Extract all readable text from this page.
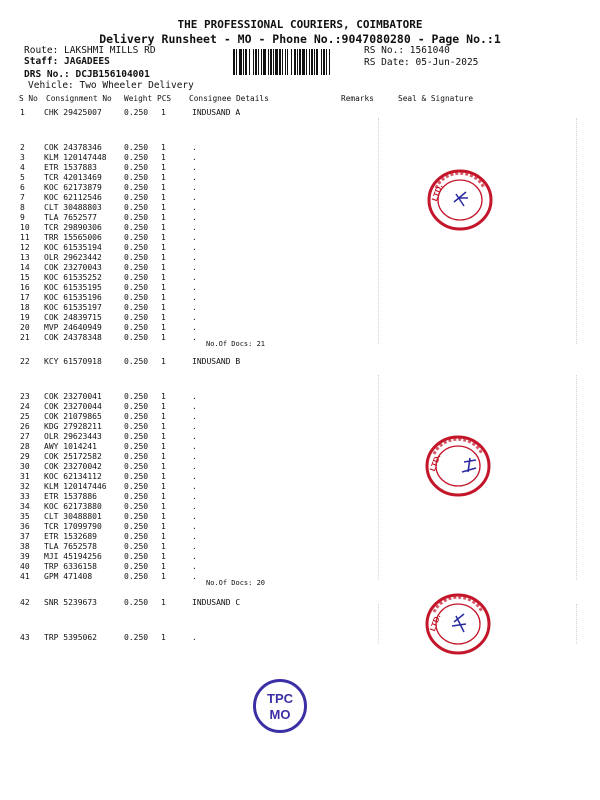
THE PROFESSIONAL COURIERS, COIMBATORE
Delivery Runsheet - MO - Phone No.:9047080280 - Page No.:1
Route: LAKSHMI MILLS RD
Staff: JAGADEES
DRS No.: DCJB156104001
Vehicle: Two Wheeler Delivery
RS No.: 1561040
RS Date: 05-Jun-2025
S No Consignment No Weight PCS Consignee Details	Remarks	Seal & Signature
1 CHK 29425007	0.250 1	INDUSAND A
2 COK 24378346	0.250 1	.
3 KLM 120147448 0.250 1	.
4 ETR 1537883	0.250 1	.
5 TCR 42013469	0.250 1	.
6 KOC 62173879	0.250 1	.
7 KOC 62112546	0.250 1	.
8 CLT 30488803	0.250 1	.
9 TLA 7652577	0.250 1	.
10 TCR 29890306	0.250 1	.
11 TRR 15565006	0.250 1	.
12 KOC 61535194	0.250 1	.
13 OLR 29623442	0.250 1	.
14 COK 23270043	0.250 1	.
15 KOC 61535252	0.250 1	.
16 KOC 61535195	0.250 1	.
17 KOC 61535196	0.250 1	.
18 KOC 61535197	0.250 1	.
19 COK 24839715	0.250 1	.
20 MVP 24640949	0.250 1	.
21 COK 24378348	0.250 1	.
No.Of Docs: 21
22 KCY 61570918	0.250 1	INDUSAND B
23 COK 23270041	0.250 1	.
24 COK 23270044	0.250 1	.
25 COK 21079865	0.250 1	.
26 KDG 27928211	0.250 1	.
27 OLR 29623443	0.250 1	.
28 AWY 1014241	0.250 1	.
29 COK 25172582	0.250 1	.
30 COK 23270042	0.250 1	.
31 KOC 62134112	0.250 1	.
32 KLM 120147446 0.250 1	.
33 ETR 1537886	0.250 1	.
34 KOC 62173880	0.250 1	.
35 CLT 30488801	0.250 1	.
36 TCR 17099790	0.250 1	.
37 ETR 1532689	0.250 1	.
38 TLA 7652578	0.250 1	.
39 MJI 45194256	0.250 1	.
40 TRP 6336158	0.250 1	.
41 GPM 471408	0.250 1	.
No.Of Docs: 20
42 SNR 5239673	0.250 1	INDUSAND C
43 TRP 5395062	0.250 1	.
LTD.
LTD.
LTD.
TPC
MO
